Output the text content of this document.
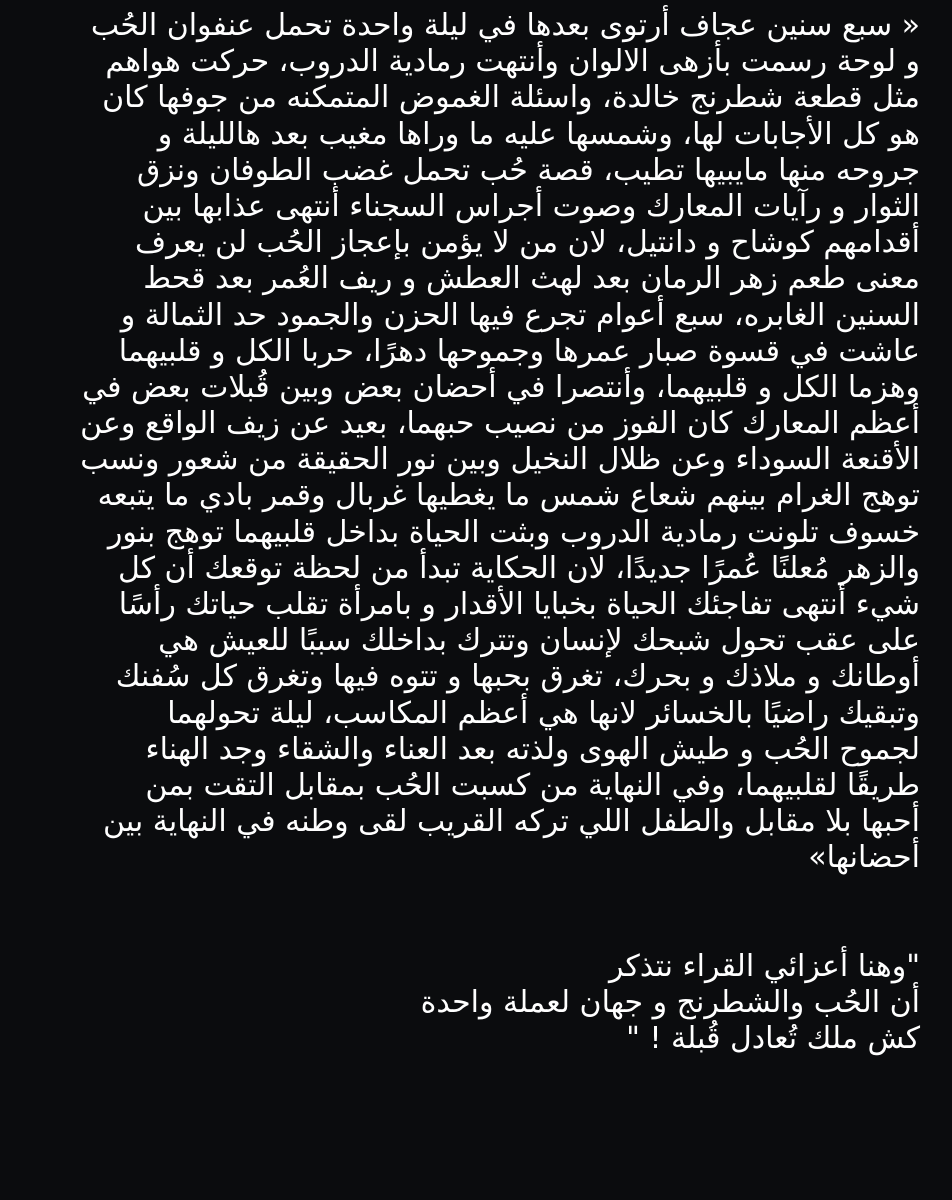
« سبع سنين عجاف أرتوى بعدها في ليلة واحدة تحمل عنفوان الحُب
و لوحة رسمت بأزهى الالوان وأنتهت رمادية الدروب، حركت هواهم
مثل قطعة شطرنج خالدة، واسئلة الغموض المتمكنه من جوفها كان
هو كل الأجابات لها، وشمسها عليه ما وراها مغيب بعد هالليلة و
جروحه منها مايبيها تطيب، قصة حُب تحمل غضب الطوفان ونزق
الثوار و رآيات المعارك وصوت أجراس السجناء أنتهى عذابها بين
أقدامهم كوشاح و دانتيل، لان من لا يؤمن بإعجاز الحُب لن يعرف
معنى طعم زهر الرمان بعد لهث العطش و ريف العُمر بعد قحط
السنين الغابره، سبع أعوام تجرع فيها الحزن والجمود حد الثمالة و
عاشت في قسوة صبار عمرها وجموحها دهرًا، حربا الكل و قلبيهما
وهزما الكل و قلبيهما، وأنتصرا في أحضان بعض وبين قُبلات بعض في
أعظم المعارك كان الفوز من نصيب حبهما، بعيد عن زيف الواقع وعن
الأقنعة السوداء وعن ظلال النخيل وبين نور الحقيقة من شعور ونسب
توهج الغرام بينهم شعاع شمس ما يغطيها غربال وقمر بادي ما يتبعه
خسوف تلونت رمادية الدروب وبثت الحياة بداخل قلبيهما توهج بنور
والزهر مُعلنًا عُمرًا جديدًا، لان الحكاية تبدأ من لحظة توقعك أن كل
شيء أنتهى تفاجئك الحياة بخبايا الأقدار و بامرأة تقلب حياتك رأسًا
على عقب تحول شبحك لإنسان وتترك بداخلك سببًا للعيش هي
أوطانك و ملاذك و بحرك، تغرق بحبها و تتوه فيها وتغرق كل سُفنك
وتبقيك راضيًا بالخسائر لانها هي أعظم المكاسب، ليلة تحولهما
لجموح الحُب و طيش الهوى ولذته بعد العناء والشقاء وجد الهناء
طريقًا لقلبيهما، وفي النهاية من كسبت الحُب بمقابل التقت بمن
أحبها بلا مقابل والطفل اللي تركه القريب لقى وطنه في النهاية بين
أحضانها»
"وهنا أعزائي القراء نتذكر
أن الحُب والشطرنج و جهان لعملة واحدة
كش ملك تُعادل قُبلة ! "
